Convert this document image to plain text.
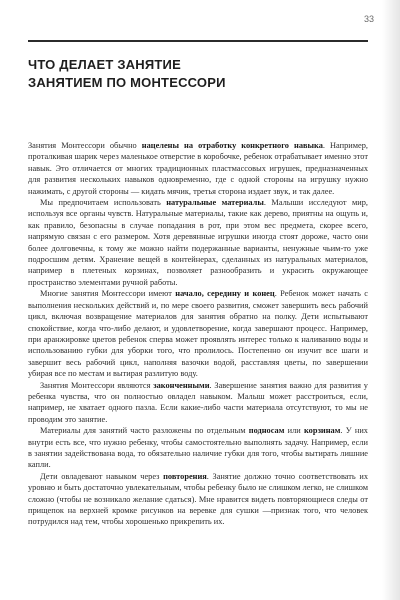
33
ЧТО ДЕЛАЕТ ЗАНЯТИЕ
ЗАНЯТИЕМ ПО МОНТЕССОРИ

Занятия Монтессори обычно нацелены на отработку конкретного навыка. Например, проталкивая шарик через маленькое отверстие в коробочке, ребенок отрабатывает именно этот навык. Это отличается от многих традиционных пластмассовых игрушек, предназначенных для развития нескольких навыков одновременно, где с одной стороны на игрушку нужно нажимать, с другой стороны — кидать мячик, третья сторона издает звук, и так далее.

Мы предпочитаем использовать натуральные материалы. Малыши исследуют мир, используя все органы чувств. Натуральные материалы, такие как дерево, приятны на ощупь и, как правило, безопасны в случае попадания в рот, при этом вес предмета, скорее всего, напрямую связан с его размером. Хотя деревянные игрушки иногда стоят дороже, часто они более долговечны, к тому же можно найти подержанные варианты, ненужные чьим-то уже подросшим детям. Хранение вещей в контейнерах, сделанных из натуральных материалов, например в плетеных корзинах, позволяет разнообразить и украсить окружающее пространство элементами ручной работы.

Многие занятия Монтессори имеют начало, середину и конец. Ребенок может начать с выполнения нескольких действий и, по мере своего развития, сможет завершить весь рабочий цикл, включая возвращение материалов для занятия обратно на полку. Дети испытывают спокойствие, когда что-либо делают, и удовлетворение, когда завершают процесс. Например, при аранжировке цветов ребенок сперва может проявлять интерес только к наливанию воды и использованию губки для уборки того, что пролилось. Постепенно он изучит все шаги и завершит весь рабочий цикл, наполняя вазочки водой, расставляя цветы, по завершении убирая все по местам и вытирая разлитую воду.

Занятия Монтессори являются законченными. Завершение занятия важно для развития у ребенка чувства, что он полностью овладел навыком. Малыш может расстроиться, если, например, не хватает одного пазла. Если какие-либо части материала отсутствуют, то мы не проводим это занятие.

Материалы для занятий часто разложены по отдельным подносам или корзинам. У них внутри есть все, что нужно ребенку, чтобы самостоятельно выполнять задачу. Например, если в занятии задействована вода, то обязательно наличие губки для того, чтобы вытирать лишние капли.

Дети овладевают навыком через повторения. Занятие должно точно соответствовать их уровню и быть достаточно увлекательным, чтобы ребенку было не слишком легко, не слишком сложно (чтобы не возникало желание сдаться). Мне нравится видеть повторяющиеся следы от прищепок на верхней кромке рисунков на веревке для сушки —признак того, что человек потрудился над тем, чтобы хорошенько прикрепить их.
